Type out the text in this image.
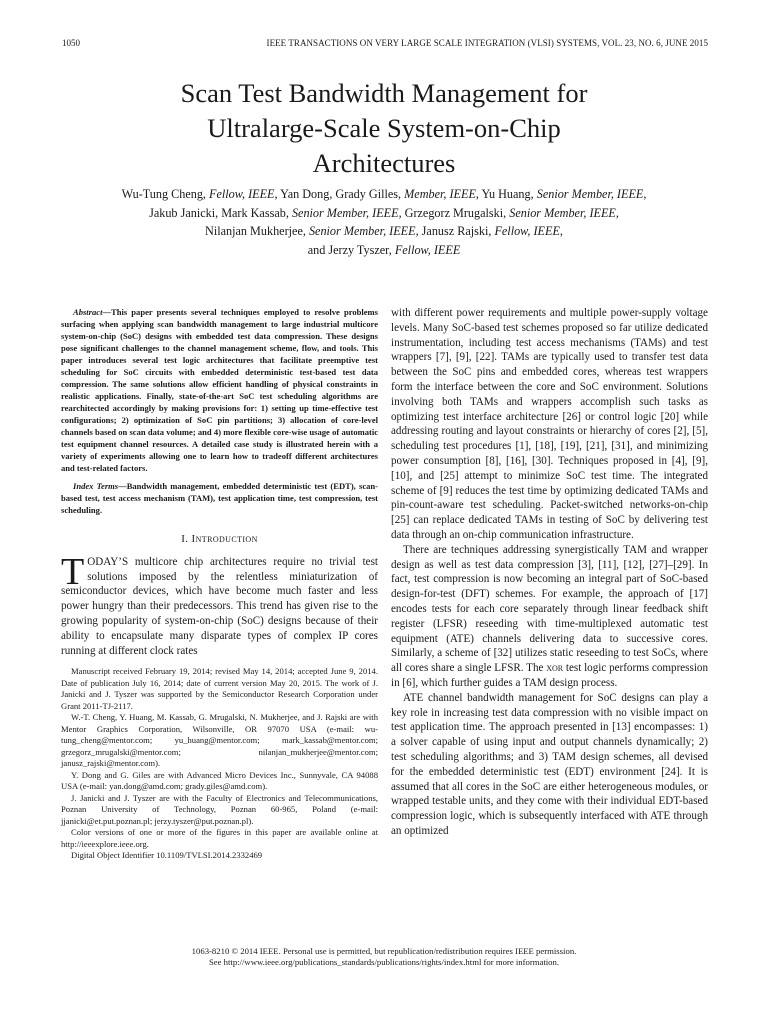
1050	IEEE TRANSACTIONS ON VERY LARGE SCALE INTEGRATION (VLSI) SYSTEMS, VOL. 23, NO. 6, JUNE 2015
Scan Test Bandwidth Management for
Ultralarge-Scale System-on-Chip
Architectures
Wu-Tung Cheng, Fellow, IEEE, Yan Dong, Grady Gilles, Member, IEEE, Yu Huang, Senior Member, IEEE,
Jakub Janicki, Mark Kassab, Senior Member, IEEE, Grzegorz Mrugalski, Senior Member, IEEE,
Nilanjan Mukherjee, Senior Member, IEEE, Janusz Rajski, Fellow, IEEE,
and Jerzy Tyszer, Fellow, IEEE
Abstract—This paper presents several techniques employed to resolve problems surfacing when applying scan bandwidth management to large industrial multicore system-on-chip (SoC) designs with embedded test data compression. These designs pose significant challenges to the channel management scheme, flow, and tools. This paper introduces several test logic architectures that facilitate preemptive test scheduling for SoC circuits with embedded deterministic test-based test data compression. The same solutions allow efficient handling of physical constraints in realistic applications. Finally, state-of-the-art SoC test scheduling algorithms are rearchitected accordingly by making provisions for: 1) setting up time-effective test configurations; 2) optimization of SoC pin partitions; 3) allocation of core-level channels based on scan data volume; and 4) more flexible core-wise usage of automatic test equipment channel resources. A detailed case study is illustrated herein with a variety of experiments allowing one to learn how to tradeoff different architectures and test-related factors.
Index Terms—Bandwidth management, embedded deterministic test (EDT), scan-based test, test access mechanism (TAM), test application time, test compression, test scheduling.
I. Introduction

TODAY’S multicore chip architectures require no trivial test solutions imposed by the relentless miniaturization of semiconductor devices, which have become much faster and less power hungry than their predecessors. This trend has given rise to the growing popularity of system-on-chip (SoC) designs because of their ability to encapsulate many disparate types of complex IP cores running at different clock rates

Manuscript received February 19, 2014; revised May 14, 2014; accepted June 9, 2014. Date of publication July 16, 2014; date of current version May 20, 2015. The work of J. Janicki and J. Tyszer was supported by the Semiconductor Research Corporation under Grant 2011-TJ-2117.

W.-T. Cheng, Y. Huang, M. Kassab, G. Mrugalski, N. Mukherjee, and J. Rajski are with Mentor Graphics Corporation, Wilsonville, OR 97070 USA (e-mail: wu-tung_cheng@mentor.com; yu_huang@mentor.com; mark_kassab@mentor.com; grzegorz_mrugalski@mentor.com; nilanjan_mukherjee@mentor.com; janusz_rajski@mentor.com).

Y. Dong and G. Giles are with Advanced Micro Devices Inc., Sunnyvale, CA 94088 USA (e-mail: yan.dong@amd.com; grady.giles@amd.com).

J. Janicki and J. Tyszer are with the Faculty of Electronics and Telecommunications, Poznan University of Technology, Poznan 60-965, Poland (e-mail: jjanicki@et.put.poznan.pl; jerzy.tyszer@put.poznan.pl).

Color versions of one or more of the figures in this paper are available online at http://ieeexplore.ieee.org.

Digital Object Identifier 10.1109/TVLSI.2014.2332469

with different power requirements and multiple power-supply voltage levels. Many SoC-based test schemes proposed so far utilize dedicated instrumentation, including test access mechanisms (TAMs) and test wrappers [7], [9], [22]. TAMs are typically used to transfer test data between the SoC pins and embedded cores, whereas test wrappers form the interface between the core and SoC environment. Solutions involving both TAMs and wrappers accomplish such tasks as optimizing test interface architecture [26] or control logic [20] while addressing routing and layout constraints or hierarchy of cores [2], [5], scheduling test procedures [1], [18], [19], [21], [31], and minimizing power consumption [8], [16], [30]. Techniques proposed in [4], [9], [10], and [25] attempt to minimize SoC test time. The integrated scheme of [9] reduces the test time by optimizing dedicated TAMs and pin-count-aware test scheduling. Packet-switched networks-on-chip [25] can replace dedicated TAMs in testing of SoC by delivering test data through an on-chip communication infrastructure.

There are techniques addressing synergistically TAM and wrapper design as well as test data compression [3], [11], [12], [27]–[29]. In fact, test compression is now becoming an integral part of SoC-based design-for-test (DFT) schemes. For example, the approach of [17] encodes tests for each core separately through linear feedback shift register (LFSR) reseeding with time-multiplexed automatic test equipment (ATE) channels delivering data to successive cores. Similarly, a scheme of [32] utilizes static reseeding to test SoCs, where all cores share a single LFSR. The xor test logic performs compression in [6], which further guides a TAM design process.

ATE channel bandwidth management for SoC designs can play a key role in increasing test data compression with no visible impact on test application time. The approach presented in [13] encompasses: 1) a solver capable of using input and output channels dynamically; 2) test scheduling algorithms; and 3) TAM design schemes, all devised for the embedded deterministic test (EDT) environment [24]. It is assumed that all cores in the SoC are either heterogeneous modules, or wrapped testable units, and they come with their individual EDT-based compression logic, which is subsequently interfaced with ATE through an optimized

1063-8210 © 2014 IEEE. Personal use is permitted, but republication/redistribution requires IEEE permission.
See http://www.ieee.org/publications_standards/publications/rights/index.html for more information.
